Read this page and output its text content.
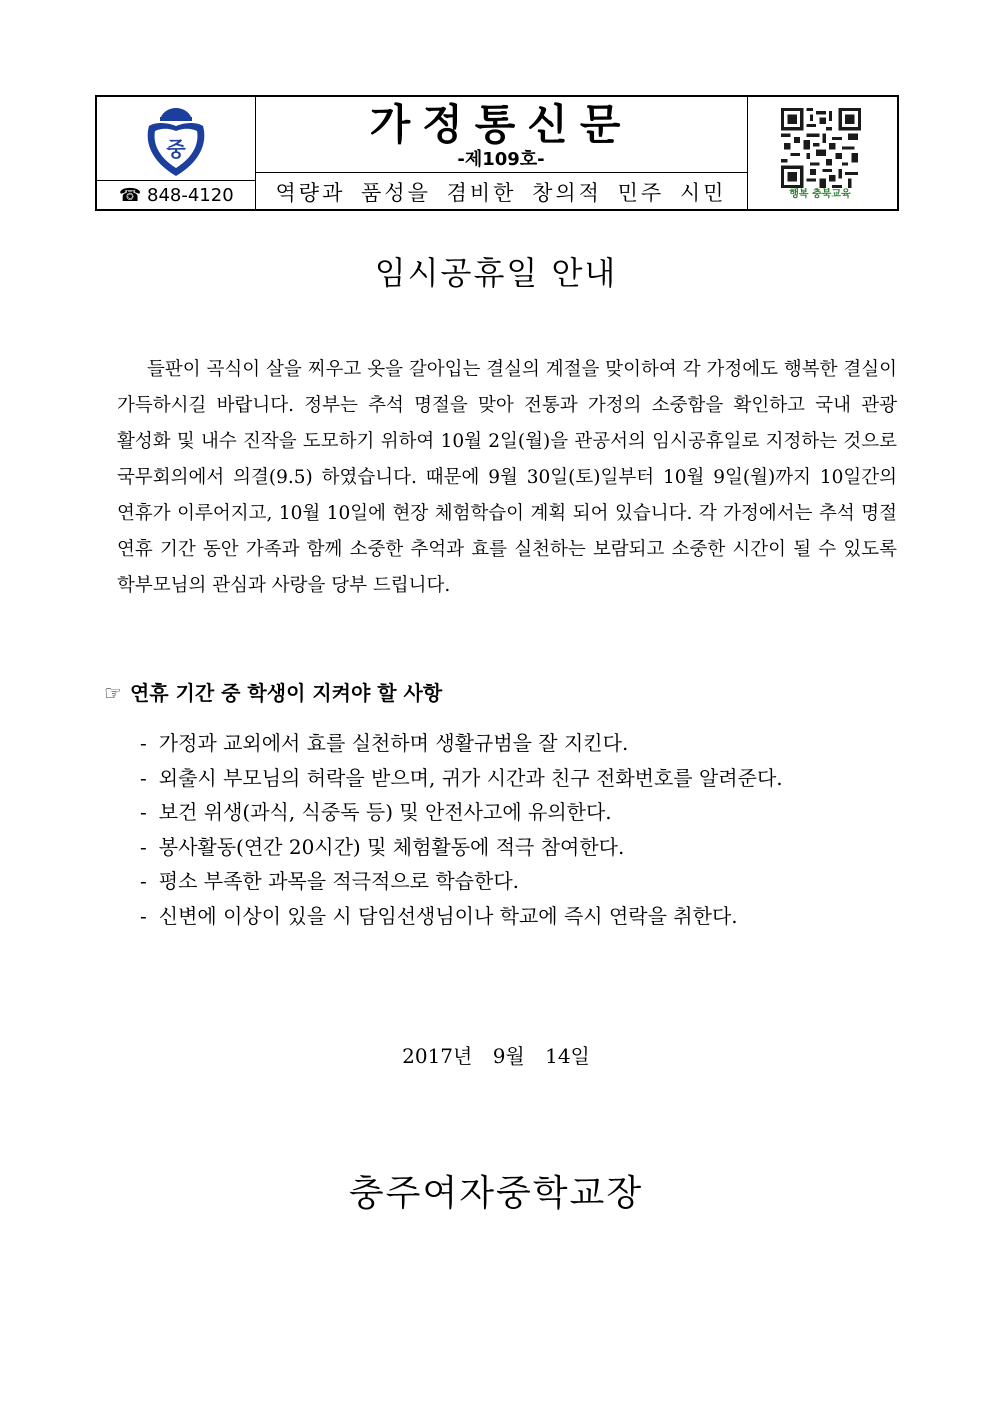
중
☎ 848-4120
가정통신문
-제109호-
역량과 품성을 겸비한 창의적 민주 시민	행복 충북교육
임시공휴일 안내

들판이 곡식이 살을 찌우고 옷을 갈아입는 결실의 계절을 맞이하여 각 가정에도 행복한 결실이 가득하시길 바랍니다. 정부는 추석 명절을 맞아 전통과 가정의 소중함을 확인하고 국내 관광 활성화 및 내수 진작을 도모하기 위하여 10월 2일(월)을 관공서의 임시공휴일로 지정하는 것으로 국무회의에서 의결(9.5) 하였습니다. 때문에 9월 30일(토)일부터 10월 9일(월)까지 10일간의 연휴가 이루어지고, 10월 10일에 현장 체험학습이 계획 되어 있습니다. 각 가정에서는 추석 명절 연휴 기간 동안 가족과 함께 소중한 추억과 효를 실천하는 보람되고 소중한 시간이 될 수 있도록 학부모님의 관심과 사랑을 당부 드립니다.

☞ 연휴 기간 중 학생이 지켜야 할 사항
- 가정과 교외에서 효를 실천하며 생활규범을 잘 지킨다.
- 외출시 부모님의 허락을 받으며, 귀가 시간과 친구 전화번호를 알려준다.
- 보건 위생(과식, 식중독 등) 및 안전사고에 유의한다.
- 봉사활동(연간 20시간) 및 체험활동에 적극 참여한다.
- 평소 부족한 과목을 적극적으로 학습한다.
- 신변에 이상이 있을 시 담임선생님이나 학교에 즉시 연락을 취한다.
2017년 9월 14일
충주여자중학교장
